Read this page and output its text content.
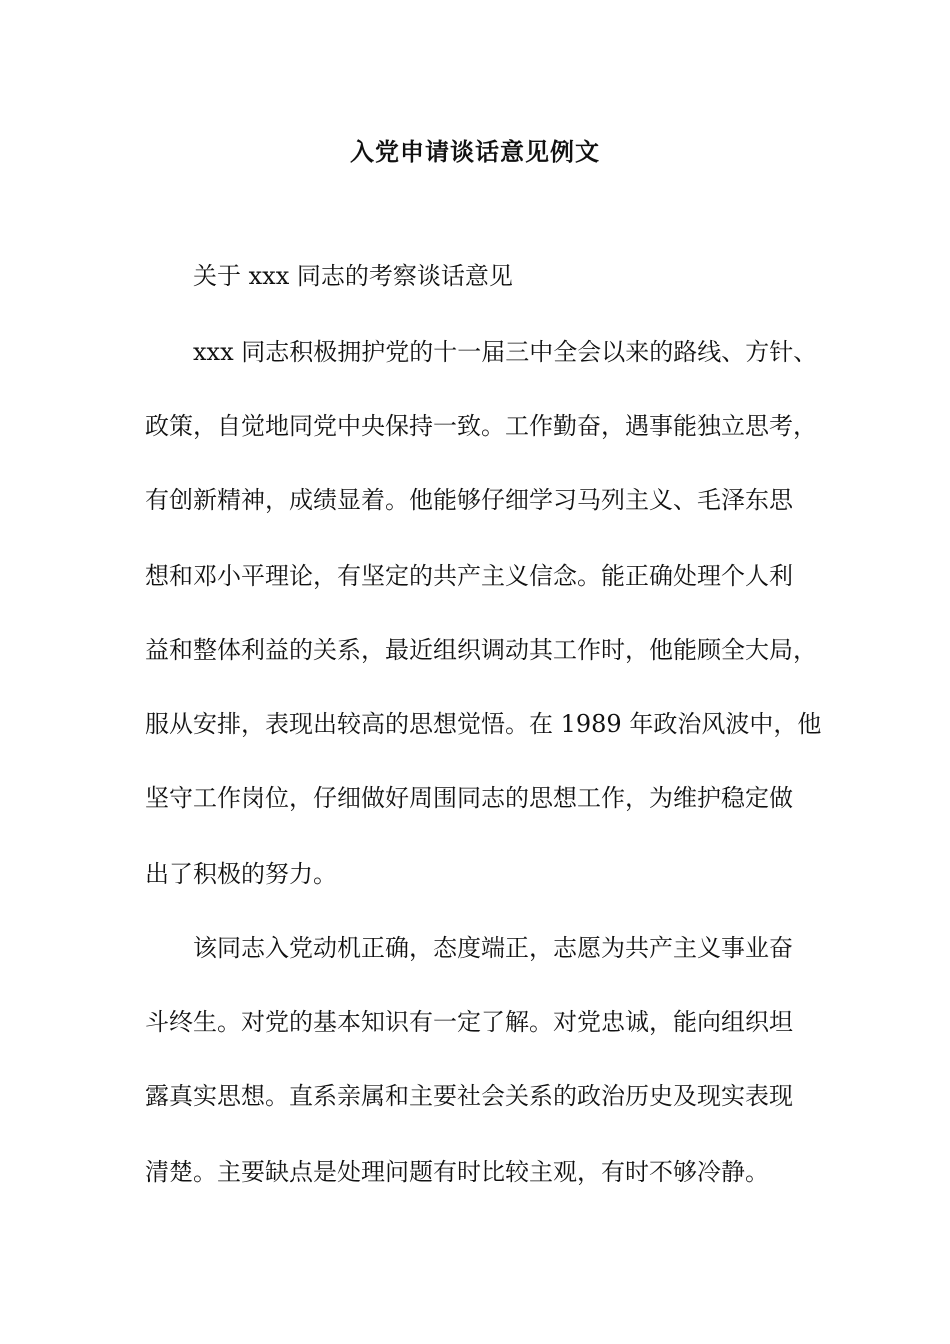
入党申请谈话意见例文
关于 xxx 同志的考察谈话意见
xxx 同志积极拥护党的十一届三中全会以来的路线、方针、
政策，自觉地同党中央保持一致。工作勤奋，遇事能独立思考，
有创新精神，成绩显着。他能够仔细学习马列主义、毛泽东思
想和邓小平理论，有坚定的共产主义信念。能正确处理个人利
益和整体利益的关系，最近组织调动其工作时，他能顾全大局，
服从安排，表现出较高的思想觉悟。在 1989 年政治风波中，他
坚守工作岗位，仔细做好周围同志的思想工作，为维护稳定做
出了积极的努力。
该同志入党动机正确，态度端正，志愿为共产主义事业奋
斗终生。对党的基本知识有一定了解。对党忠诚，能向组织坦
露真实思想。直系亲属和主要社会关系的政治历史及现实表现
清楚。主要缺点是处理问题有时比较主观，有时不够冷静。
